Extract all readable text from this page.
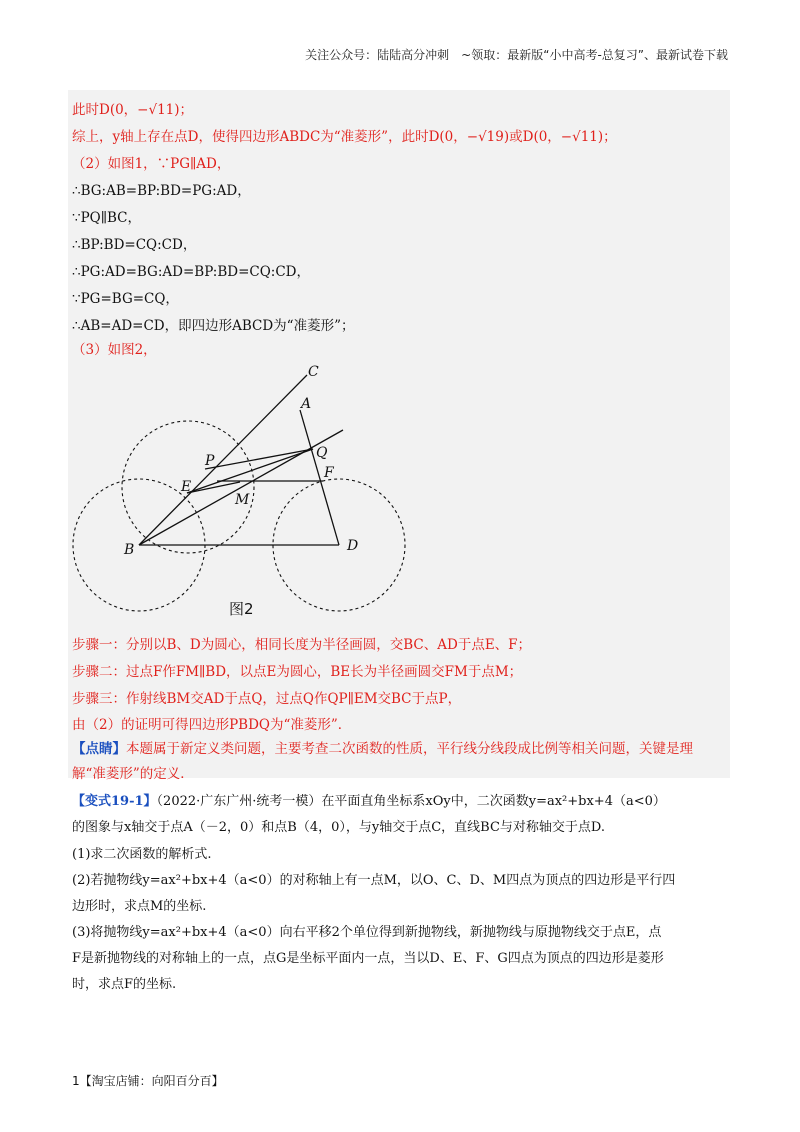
关注公众号：陆陆高分冲刺　~领取：最新版“小中高考-总复习”、最新试卷下载
此时D(0，−√11)；
综上，y轴上存在点D，使得四边形ABDC为“准菱形”，此时D(0，−√19)或D(0，−√11)；
（2）如图1，∵PG∥AD，
∴BG:AB=BP:BD=PG:AD，
∵PQ∥BC，
∴BP:BD=CQ:CD，
∴PG:AD=BG:AD=BP:BD=CQ:CD，
∵PG=BG=CQ，
∴AB=AD=CD，即四边形ABCD为“准菱形”；
（3）如图2，
C
A
P	Q
F
E
M
B	D
图2
步骤一：分别以B、D为圆心，相同长度为半径画圆，交BC、AD于点E、F；
步骤二：过点F作FM∥BD，以点E为圆心，BE长为半径画圆交FM于点M；
步骤三：作射线BM交AD于点Q，过点Q作QP∥EM交BC于点P，
由（2）的证明可得四边形PBDQ为“准菱形”．
【点睛】本题属于新定义类问题，主要考查二次函数的性质，平行线分线段成比例等相关问题，关键是理
解“准菱形”的定义．
【变式19-1】（2022·广东广州·统考一模）在平面直角坐标系xOy中，二次函数y=ax²+bx+4（a<0）
的图象与x轴交于点A（－2，0）和点B（4，0），与y轴交于点C，直线BC与对称轴交于点D.
(1)求二次函数的解析式.
(2)若抛物线y=ax²+bx+4（a<0）的对称轴上有一点M，以O、C、D、M四点为顶点的四边形是平行四
边形时，求点M的坐标.
(3)将抛物线y=ax²+bx+4（a<0）向右平移2个单位得到新抛物线，新抛物线与原抛物线交于点E，点
F是新抛物线的对称轴上的一点，点G是坐标平面内一点，当以D、E、F、G四点为顶点的四边形是菱形
时，求点F的坐标.
1【淘宝店铺：向阳百分百】
